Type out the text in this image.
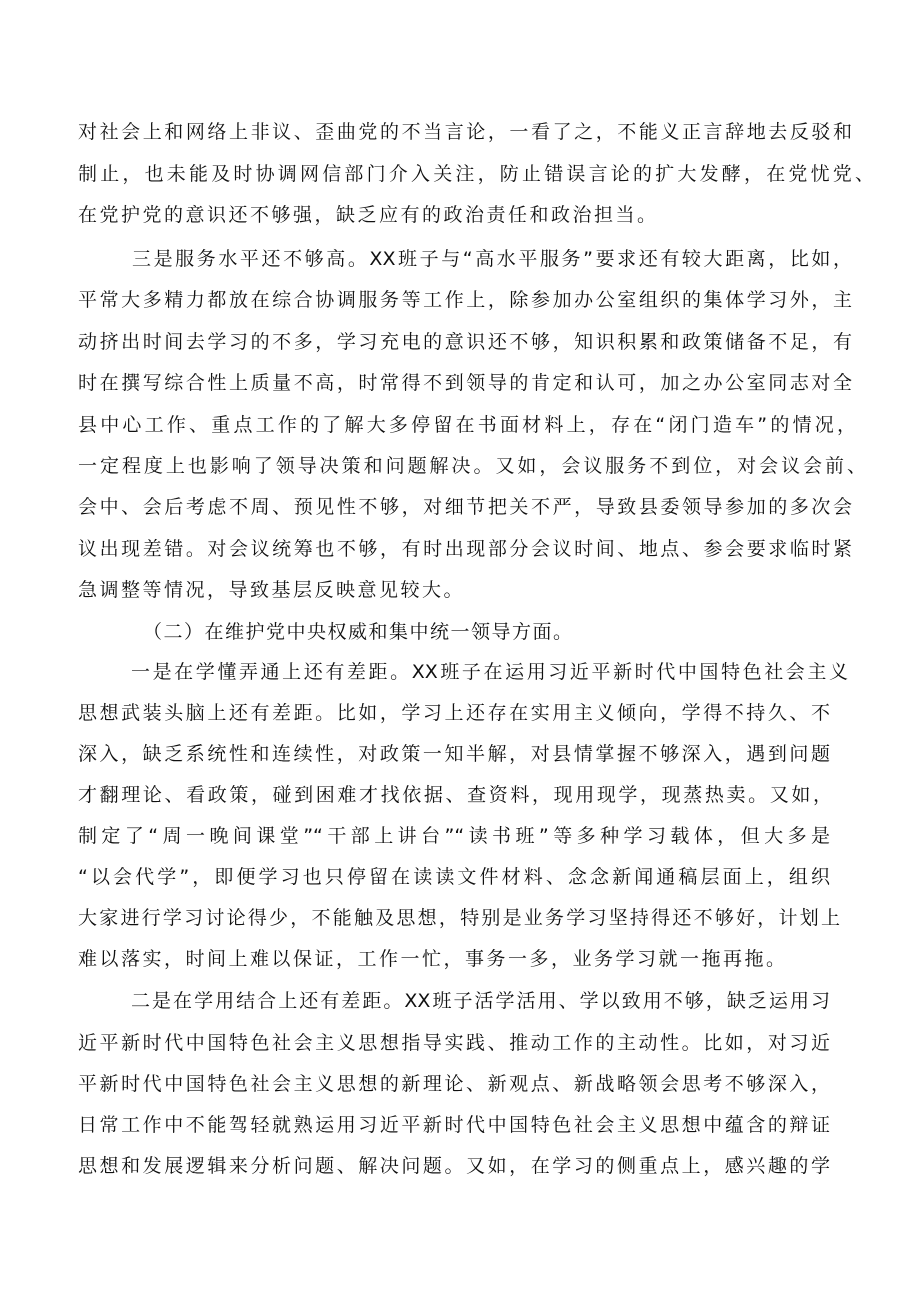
对社会上和网络上非议、歪曲党的不当言论，一看了之，不能义正言辞地去反驳和
制止，也未能及时协调网信部门介入关注，防止错误言论的扩大发酵，在党忧党、
在党护党的意识还不够强，缺乏应有的政治责任和政治担当。
三是服务水平还不够高。XX班子与“高水平服务”要求还有较大距离，比如，
平常大多精力都放在综合协调服务等工作上，除参加办公室组织的集体学习外，主
动挤出时间去学习的不多，学习充电的意识还不够，知识积累和政策储备不足，有
时在撰写综合性上质量不高，时常得不到领导的肯定和认可，加之办公室同志对全
县中心工作、重点工作的了解大多停留在书面材料上，存在“闭门造车”的情况，
一定程度上也影响了领导决策和问题解决。又如，会议服务不到位，对会议会前、
会中、会后考虑不周、预见性不够，对细节把关不严，导致县委领导参加的多次会
议出现差错。对会议统筹也不够，有时出现部分会议时间、地点、参会要求临时紧
急调整等情况，导致基层反映意见较大。
（二）在维护党中央权威和集中统一领导方面。
一是在学懂弄通上还有差距。XX班子在运用习近平新时代中国特色社会主义
思想武装头脑上还有差距。比如，学习上还存在实用主义倾向，学得不持久、不
深入，缺乏系统性和连续性，对政策一知半解，对县情掌握不够深入，遇到问题
才翻理论、看政策，碰到困难才找依据、查资料，现用现学，现蒸热卖。又如，
制定了“周一晚间课堂”“干部上讲台”“读书班”等多种学习载体，但大多是
“以会代学”，即便学习也只停留在读读文件材料、念念新闻通稿层面上，组织
大家进行学习讨论得少，不能触及思想，特别是业务学习坚持得还不够好，计划上
难以落实，时间上难以保证，工作一忙，事务一多，业务学习就一拖再拖。
二是在学用结合上还有差距。XX班子活学活用、学以致用不够，缺乏运用习
近平新时代中国特色社会主义思想指导实践、推动工作的主动性。比如，对习近
平新时代中国特色社会主义思想的新理论、新观点、新战略领会思考不够深入，
日常工作中不能驾轻就熟运用习近平新时代中国特色社会主义思想中蕴含的辩证
思想和发展逻辑来分析问题、解决问题。又如，在学习的侧重点上，感兴趣的学
